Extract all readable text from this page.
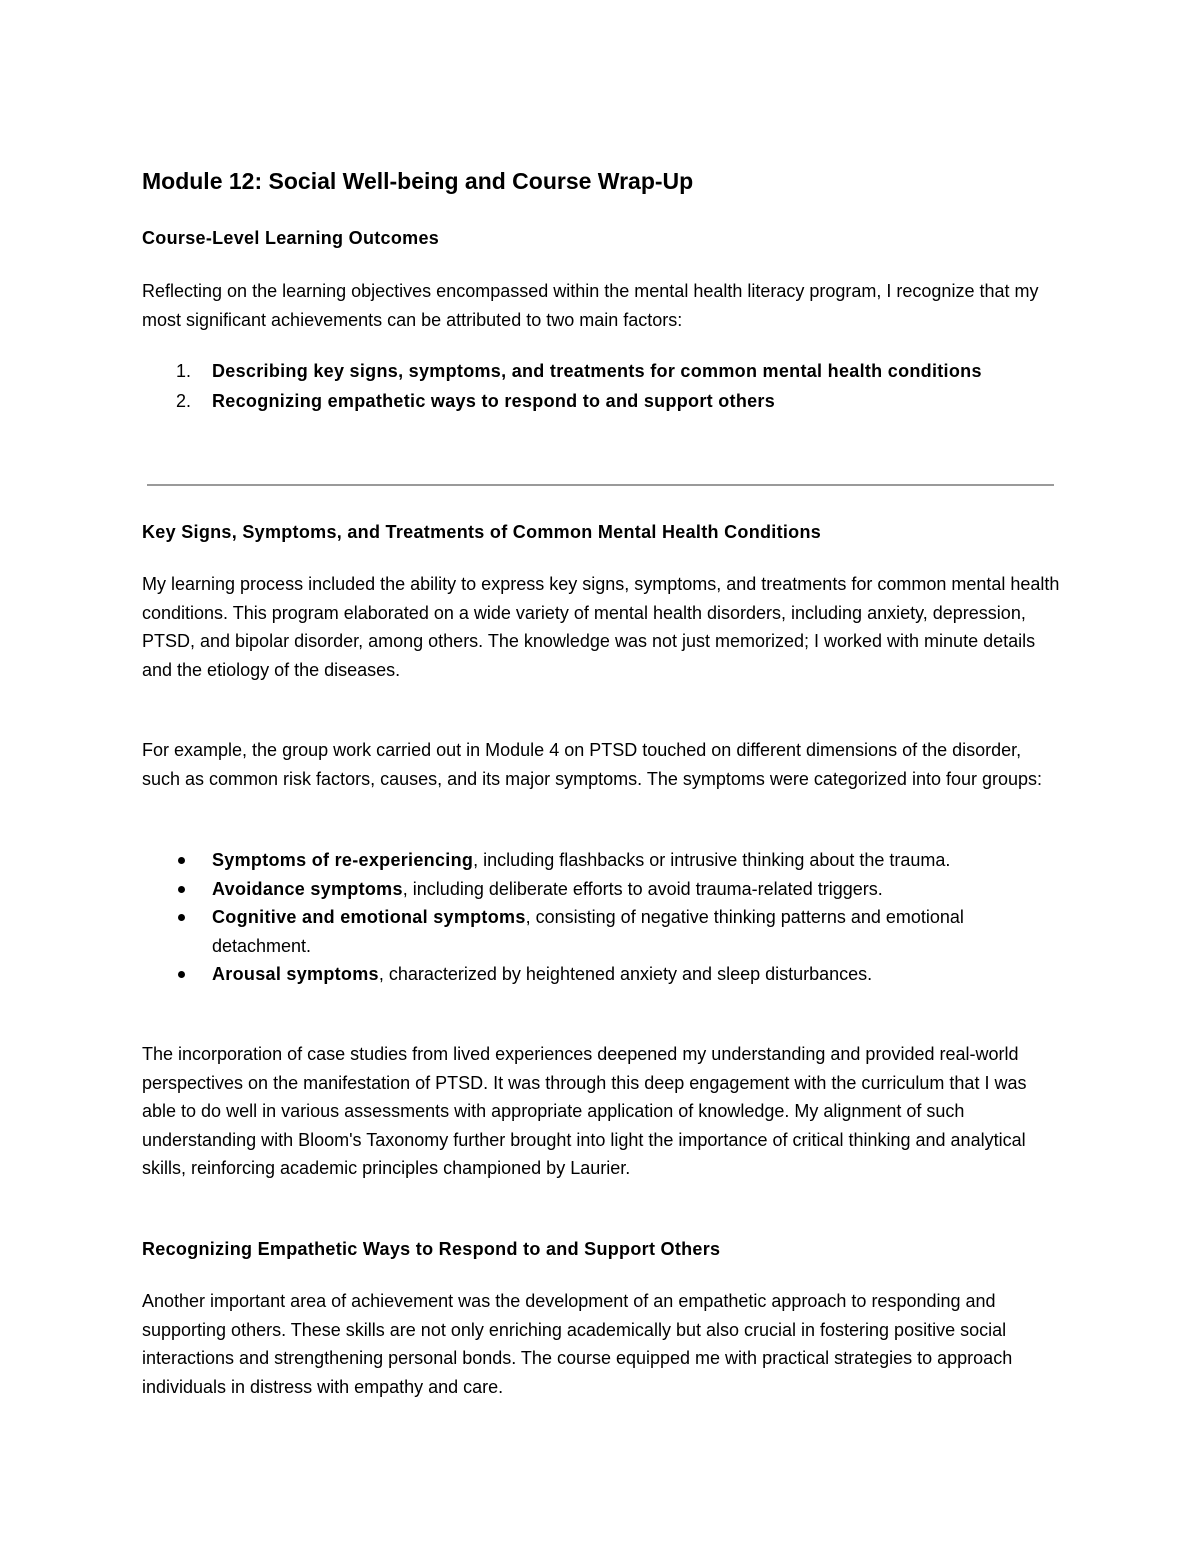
Module 12: Social Well-being and Course Wrap-Up
Course-Level Learning Outcomes

Reflecting on the learning objectives encompassed within the mental health literacy program, I recognize that my most significant achievements can be attributed to two main factors:

1. Describing key signs, symptoms, and treatments for common mental health conditions
2. Recognizing empathetic ways to respond to and support others
Key Signs, Symptoms, and Treatments of Common Mental Health Conditions

My learning process included the ability to express key signs, symptoms, and treatments for common mental health conditions. This program elaborated on a wide variety of mental health disorders, including anxiety, depression, PTSD, and bipolar disorder, among others. The knowledge was not just memorized; I worked with minute details and the etiology of the diseases.

For example, the group work carried out in Module 4 on PTSD touched on different dimensions of the disorder, such as common risk factors, causes, and its major symptoms. The symptoms were categorized into four groups:

Symptoms of re-experiencing, including flashbacks or intrusive thinking about the trauma.
Avoidance symptoms, including deliberate efforts to avoid trauma-related triggers.
Cognitive and emotional symptoms, consisting of negative thinking patterns and emotional detachment.
Arousal symptoms, characterized by heightened anxiety and sleep disturbances.

The incorporation of case studies from lived experiences deepened my understanding and provided real-world perspectives on the manifestation of PTSD. It was through this deep engagement with the curriculum that I was able to do well in various assessments with appropriate application of knowledge. My alignment of such understanding with Bloom's Taxonomy further brought into light the importance of critical thinking and analytical skills, reinforcing academic principles championed by Laurier.

Recognizing Empathetic Ways to Respond to and Support Others

Another important area of achievement was the development of an empathetic approach to responding and supporting others. These skills are not only enriching academically but also crucial in fostering positive social interactions and strengthening personal bonds. The course equipped me with practical strategies to approach individuals in distress with empathy and care.
